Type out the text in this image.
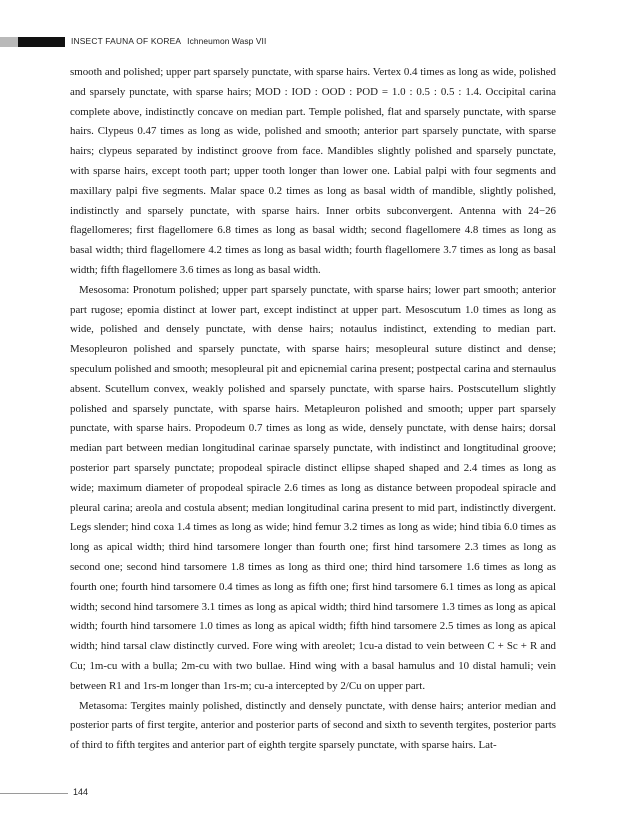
INSECT FAUNA OF KOREA Ichneumon Wasp VII

smooth and polished; upper part sparsely punctate, with sparse hairs. Vertex 0.4 times as long as wide, polished and sparsely punctate, with sparse hairs; MOD : IOD : OOD : POD = 1.0 : 0.5 : 0.5 : 1.4. Occipital carina complete above, indistinctly concave on median part. Temple polished, flat and sparsely punctate, with sparse hairs. Clypeus 0.47 times as long as wide, polished and smooth; anterior part sparsely punctate, with sparse hairs; clypeus separated by indistinct groove from face. Mandibles slightly polished and sparsely punctate, with sparse hairs, except tooth part; upper tooth longer than lower one. Labial palpi with four segments and maxillary palpi five segments. Malar space 0.2 times as long as basal width of mandible, slightly polished, indistinctly and sparsely punctate, with sparse hairs. Inner orbits subconvergent. Antenna with 24−26 flagellomeres; first flagellomere 6.8 times as long as basal width; second flagellomere 4.8 times as long as basal width; third flagellomere 4.2 times as long as basal width; fourth flagellomere 3.7 times as long as basal width; fifth flagellomere 3.6 times as long as basal width.

Mesosoma: Pronotum polished; upper part sparsely punctate, with sparse hairs; lower part smooth; anterior part rugose; epomia distinct at lower part, except indistinct at upper part. Mesoscutum 1.0 times as long as wide, polished and densely punctate, with dense hairs; notaulus indistinct, extending to median part. Mesopleuron polished and sparsely punctate, with sparse hairs; mesopleural suture distinct and dense; speculum polished and smooth; mesopleural pit and epicnemial carina present; postpectal carina and sternaulus absent. Scutellum convex, weakly polished and sparsely punctate, with sparse hairs. Postscutellum slightly polished and sparsely punctate, with sparse hairs. Metapleuron polished and smooth; upper part sparsely punctate, with sparse hairs. Propodeum 0.7 times as long as wide, densely punctate, with dense hairs; dorsal median part between median longitudinal carinae sparsely punctate, with indistinct and longtitudinal groove; posterior part sparsely punctate; propodeal spiracle distinct ellipse shaped shaped and 2.4 times as long as wide; maximum diameter of propodeal spiracle 2.6 times as long as distance between propodeal spiracle and pleural carina; areola and costula absent; median longitudinal carina present to mid part, indistinctly divergent. Legs slender; hind coxa 1.4 times as long as wide; hind femur 3.2 times as long as wide; hind tibia 6.0 times as long as apical width; third hind tarsomere longer than fourth one; first hind tarsomere 2.3 times as long as second one; second hind tarsomere 1.8 times as long as third one; third hind tarsomere 1.6 times as long as fourth one; fourth hind tarsomere 0.4 times as long as fifth one; first hind tarsomere 6.1 times as long as apical width; second hind tarsomere 3.1 times as long as apical width; third hind tarsomere 1.3 times as long as apical width; fourth hind tarsomere 1.0 times as long as apical width; fifth hind tarsomere 2.5 times as long as apical width; hind tarsal claw distinctly curved. Fore wing with areolet; 1cu-a distad to vein between C + Sc + R and Cu; 1m-cu with a bulla; 2m-cu with two bullae. Hind wing with a basal hamulus and 10 distal hamuli; vein between R1 and 1rs-m longer than 1rs-m; cu-a intercepted by 2/Cu on upper part.

Metasoma: Tergites mainly polished, distinctly and densely punctate, with dense hairs; anterior median and posterior parts of first tergite, anterior and posterior parts of second and sixth to seventh tergites, posterior parts of third to fifth tergites and anterior part of eighth tergite sparsely punctate, with sparse hairs. Lat-

144
